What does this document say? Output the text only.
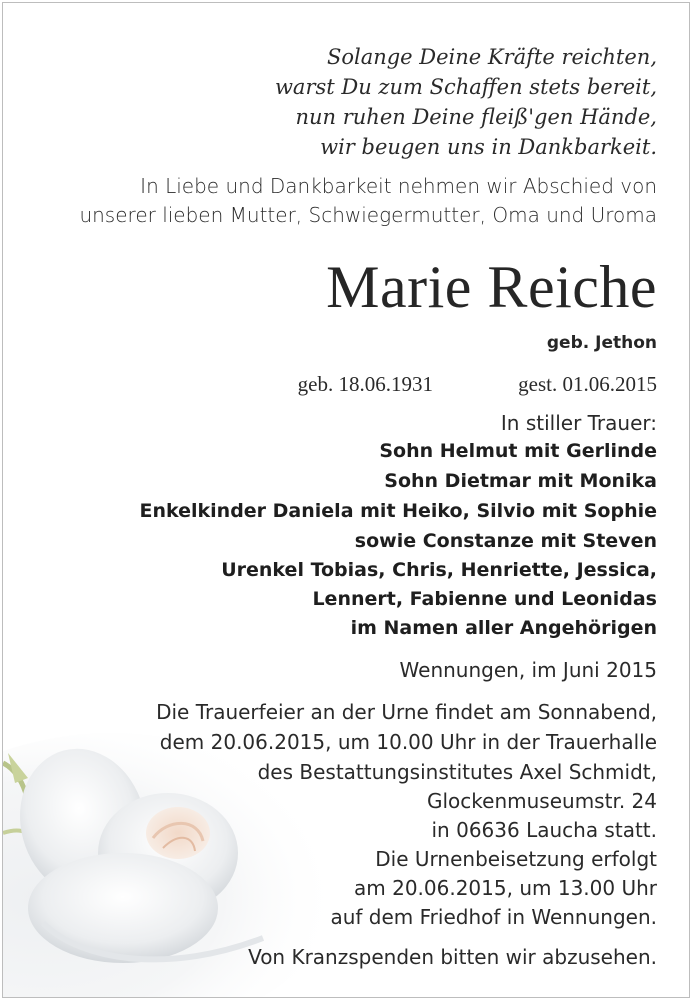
Solange Deine Kräfte reichten,
warst Du zum Schaffen stets bereit,
nun ruhen Deine fleiß'gen Hände,
wir beugen uns in Dankbarkeit.
In Liebe und Dankbarkeit nehmen wir Abschied von
unserer lieben Mutter, Schwiegermutter, Oma und Uroma
Marie Reiche
geb. Jethon
geb. 18.06.1931	gest. 01.06.2015
In stiller Trauer:
Sohn Helmut mit Gerlinde
Sohn Dietmar mit Monika
Enkelkinder Daniela mit Heiko, Silvio mit Sophie
sowie Constanze mit Steven
Urenkel Tobias, Chris, Henriette, Jessica,
Lennert, Fabienne und Leonidas
im Namen aller Angehörigen
Wennungen, im Juni 2015
Die Trauerfeier an der Urne findet am Sonnabend,
dem 20.06.2015, um 10.00 Uhr in der Trauerhalle
des Bestattungsinstitutes Axel Schmidt,
Glockenmuseumstr. 24
in 06636 Laucha statt.
Die Urnenbeisetzung erfolgt
am 20.06.2015, um 13.00 Uhr
auf dem Friedhof in Wennungen.
Von Kranzspenden bitten wir abzusehen.
